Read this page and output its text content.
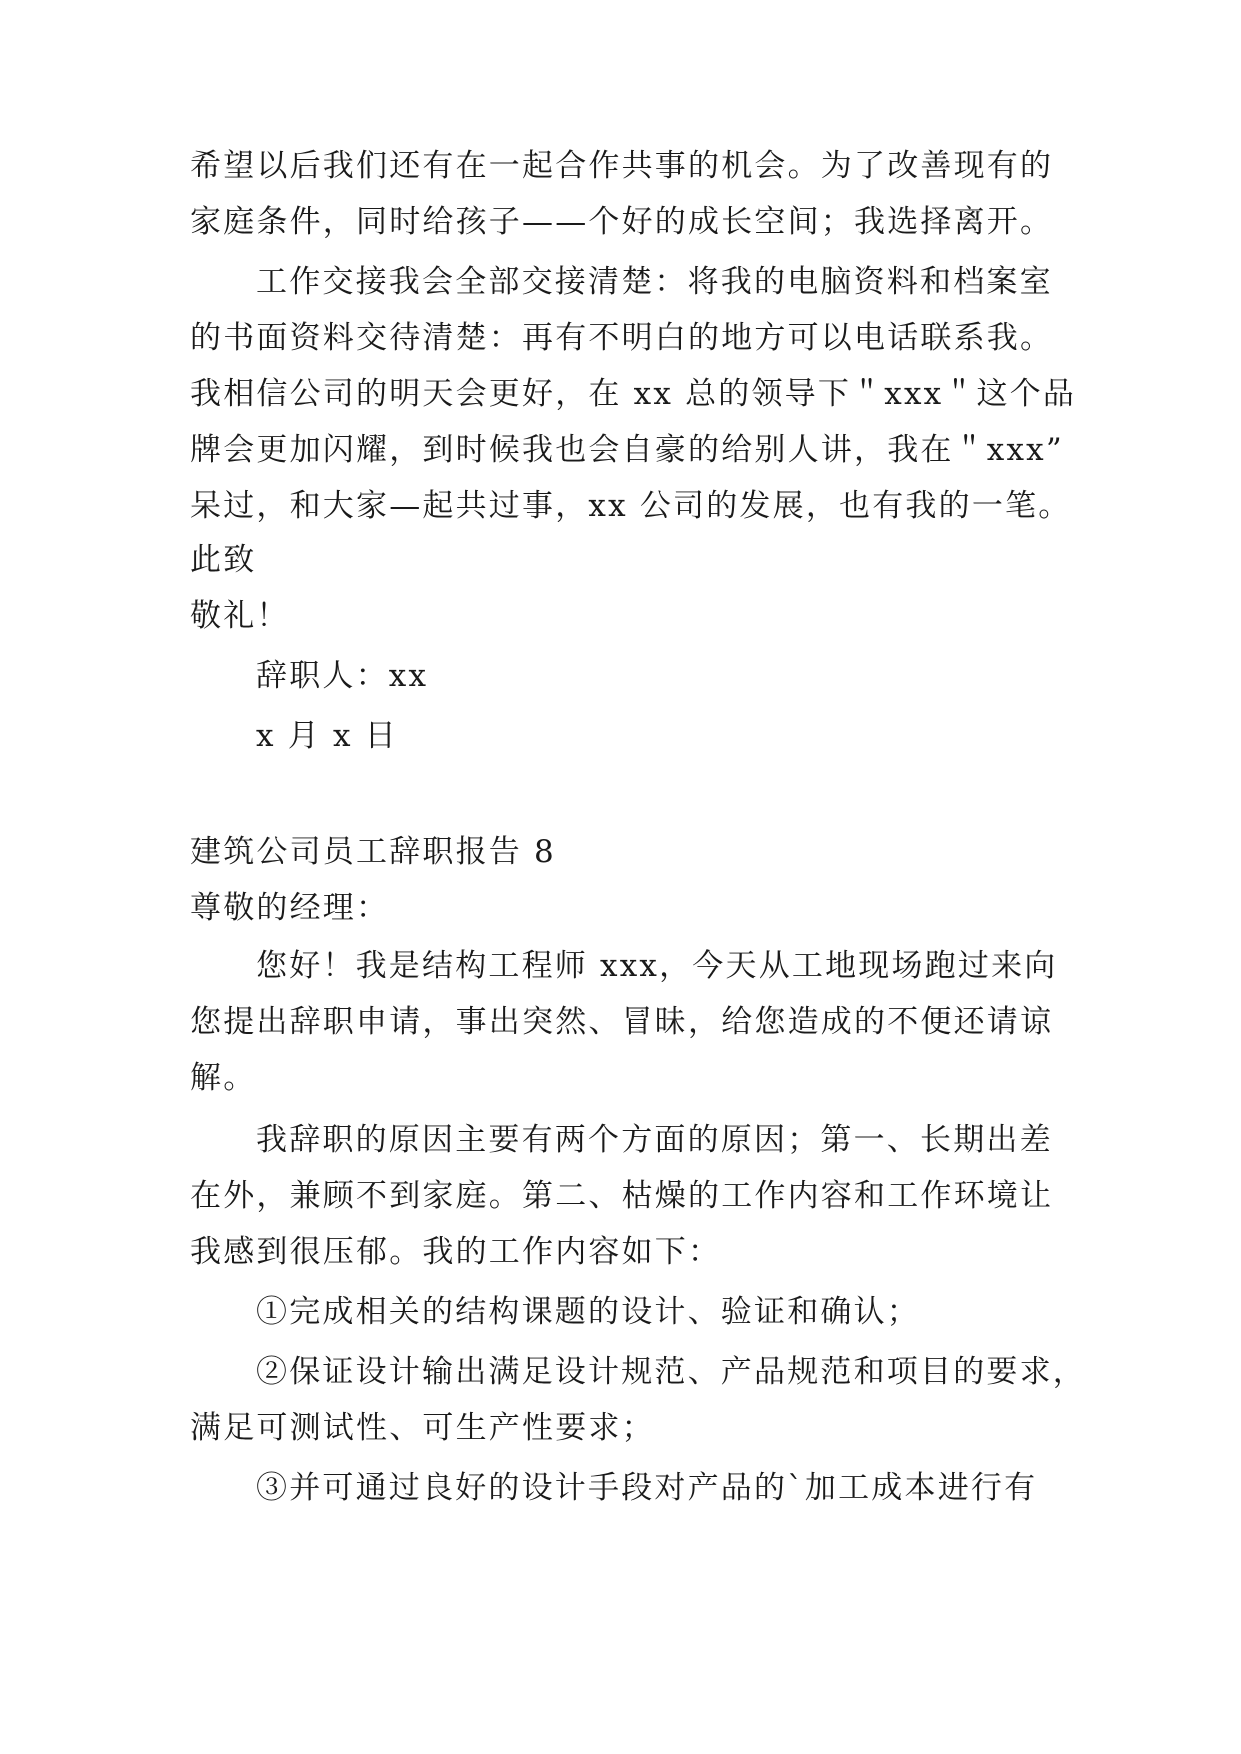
希望以后我们还有在一起合作共事的机会。为了改善现有的
家庭条件，同时给孩子——个好的成长空间；我选择离开。
工作交接我会全部交接清楚：将我的电脑资料和档案室
的书面资料交待清楚：再有不明白的地方可以电话联系我。
我相信公司的明天会更好，在 xx 总的领导下＂xxx＂这个品
牌会更加闪耀，到时候我也会自豪的给别人讲，我在＂xxx”
呆过，和大家—起共过事，xx 公司的发展，也有我的一笔。
此致
敬礼！
辞职人：xx
x 月 x 日
建筑公司员工辞职报告 8
尊敬的经理：
您好！我是结构工程师 xxx，今天从工地现场跑过来向
您提出辞职申请，事出突然、冒昧，给您造成的不便还请谅
解。
我辞职的原因主要有两个方面的原因；第一、长期出差
在外，兼顾不到家庭。第二、枯燥的工作内容和工作环境让
我感到很压郁。我的工作内容如下：
①完成相关的结构课题的设计、验证和确认；
②保证设计输出满足设计规范、产品规范和项目的要求，
满足可测试性、可生产性要求；
③并可通过良好的设计手段对产品的`加工成本进行有
